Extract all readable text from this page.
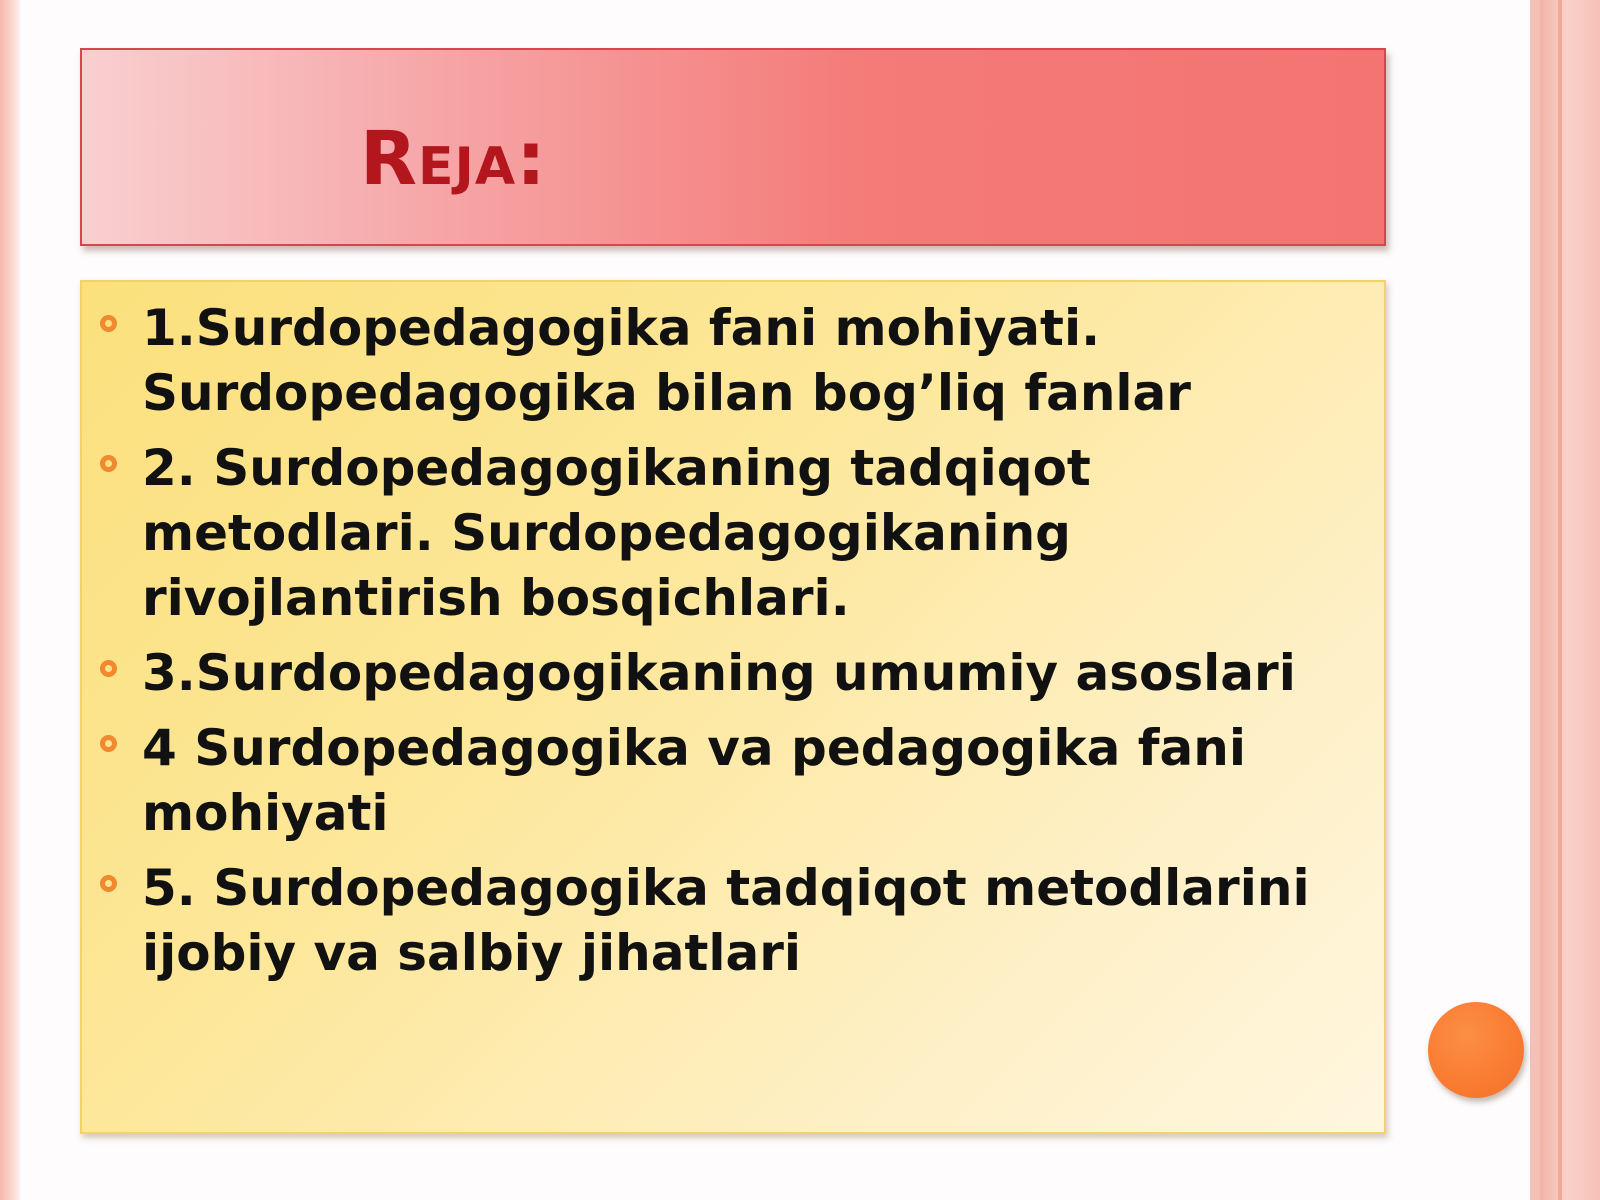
Reja:
1.Surdopedagogika fani mohiyati. Surdopedagogika bilan bog’liq fanlar
2. Surdopedagogikaning tadqiqot metodlari. Surdopedagogikaning rivojlantirish bosqichlari.
3.Surdopedagogikaning umumiy asoslari
4 Surdopedagogika va pedagogika fani mohiyati
5. Surdopedagogika tadqiqot metodlarini ijobiy va salbiy jihatlari
